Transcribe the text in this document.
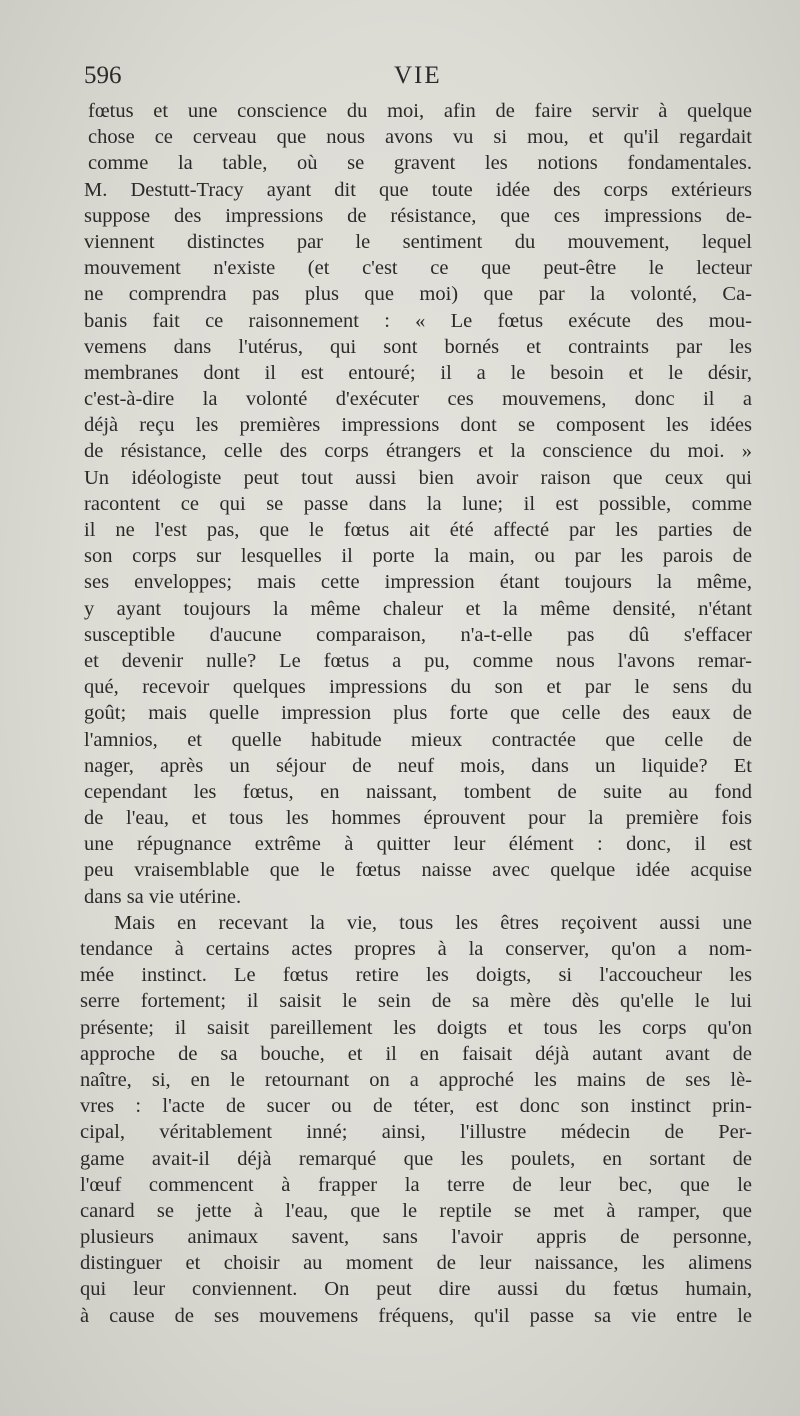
596	VIE
fœtus et une conscience du moi, afin de faire servir à quelque
chose ce cerveau que nous avons vu si mou, et qu'il regardait
comme la table, où se gravent les notions fondamentales.
M. Destutt-Tracy ayant dit que toute idée des corps extérieurs
suppose des impressions de résistance, que ces impressions de-
viennent distinctes par le sentiment du mouvement, lequel
mouvement n'existe (et c'est ce que peut-être le lecteur
ne comprendra pas plus que moi) que par la volonté, Ca-
banis fait ce raisonnement : « Le fœtus exécute des mou-
vemens dans l'utérus, qui sont bornés et contraints par les
membranes dont il est entouré; il a le besoin et le désir,
c'est-à-dire la volonté d'exécuter ces mouvemens, donc il a
déjà reçu les premières impressions dont se composent les idées
de résistance, celle des corps étrangers et la conscience du moi. »
Un idéologiste peut tout aussi bien avoir raison que ceux qui
racontent ce qui se passe dans la lune; il est possible, comme
il ne l'est pas, que le fœtus ait été affecté par les parties de
son corps sur lesquelles il porte la main, ou par les parois de
ses enveloppes; mais cette impression étant toujours la même,
y ayant toujours la même chaleur et la même densité, n'étant
susceptible d'aucune comparaison, n'a-t-elle pas dû s'effacer
et devenir nulle? Le fœtus a pu, comme nous l'avons remar-
qué, recevoir quelques impressions du son et par le sens du
goût; mais quelle impression plus forte que celle des eaux de
l'amnios, et quelle habitude mieux contractée que celle de
nager, après un séjour de neuf mois, dans un liquide? Et
cependant les fœtus, en naissant, tombent de suite au fond
de l'eau, et tous les hommes éprouvent pour la première fois
une répugnance extrême à quitter leur élément : donc, il est
peu vraisemblable que le fœtus naisse avec quelque idée acquise
dans sa vie utérine.
Mais en recevant la vie, tous les êtres reçoivent aussi une
tendance à certains actes propres à la conserver, qu'on a nom-
mée instinct. Le fœtus retire les doigts, si l'accoucheur les
serre fortement; il saisit le sein de sa mère dès qu'elle le lui
présente; il saisit pareillement les doigts et tous les corps qu'on
approche de sa bouche, et il en faisait déjà autant avant de
naître, si, en le retournant on a approché les mains de ses lè-
vres : l'acte de sucer ou de téter, est donc son instinct prin-
cipal, véritablement inné; ainsi, l'illustre médecin de Per-
game avait-il déjà remarqué que les poulets, en sortant de
l'œuf commencent à frapper la terre de leur bec, que le
canard se jette à l'eau, que le reptile se met à ramper, que
plusieurs animaux savent, sans l'avoir appris de personne,
distinguer et choisir au moment de leur naissance, les alimens
qui leur conviennent. On peut dire aussi du fœtus humain,
à cause de ses mouvemens fréquens, qu'il passe sa vie entre le
